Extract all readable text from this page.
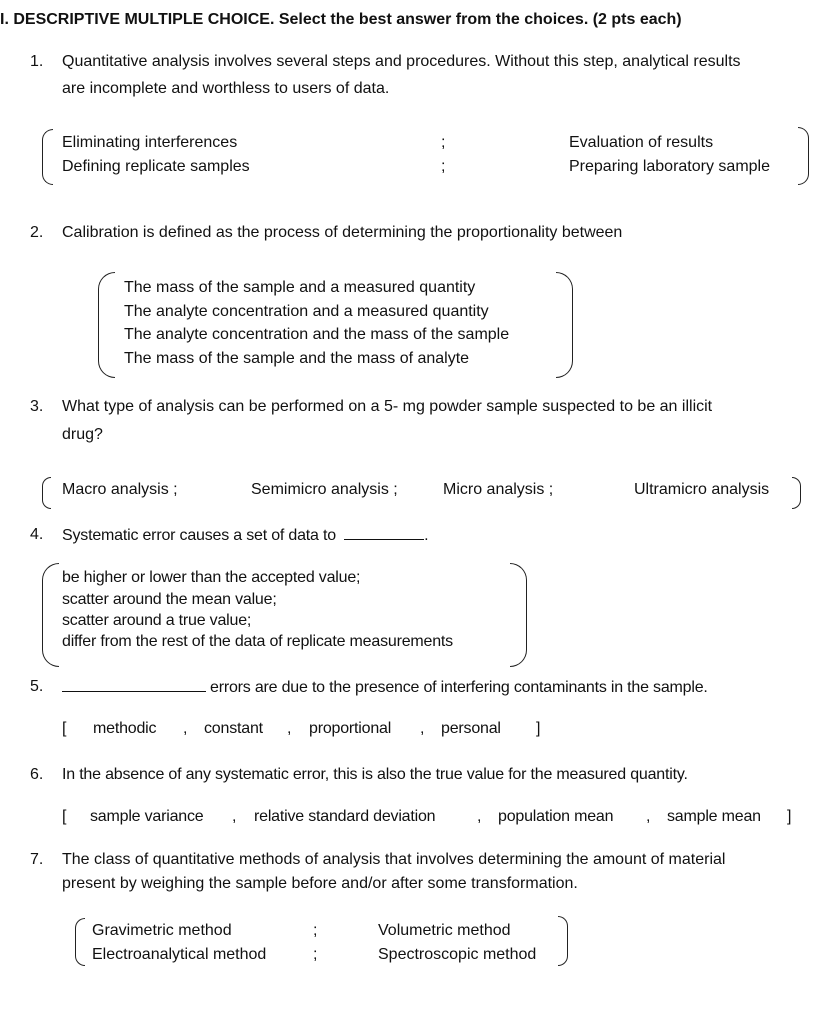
I. DESCRIPTIVE MULTIPLE CHOICE. Select the best answer from the choices. (2 pts each)
1.	Quantitative analysis involves several steps and procedures. Without this step, analytical results
are incomplete and worthless to users of data.
Eliminating interferences	;	Evaluation of results
Defining replicate samples	;	Preparing laboratory sample
2.	Calibration is defined as the process of determining the proportionality between
The mass of the sample and a measured quantity
The analyte concentration and a measured quantity
The analyte concentration and the mass of the sample
The mass of the sample and the mass of analyte
3.	What type of analysis can be performed on a 5- mg powder sample suspected to be an illicit
drug?
Macro analysis ;	Semimicro analysis ;	Micro analysis ;	Ultramicro analysis
4.	Systematic error causes a set of data to	.
be higher or lower than the accepted value;
scatter around the mean value;
scatter around a true value;
differ from the rest of the data of replicate measurements
5.	errors are due to the presence of interfering contaminants in the sample.
[ methodic , constant , proportional , personal ]
6.	In the absence of any systematic error, this is also the true value for the measured quantity.
[ sample variance , relative standard deviation	, population mean , sample mean ]
7.	The class of quantitative methods of analysis that involves determining the amount of material
present by weighing the sample before and/or after some transformation.
Gravimetric method	;	Volumetric method
Electroanalytical method	;	Spectroscopic method
